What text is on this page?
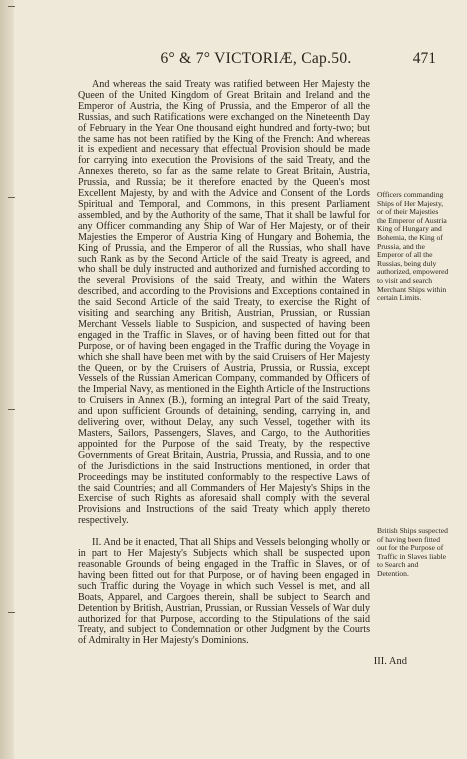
6° & 7° VICTORIÆ, Cap.50.	471

And whereas the said Treaty was ratified between Her Majesty the Queen of the United Kingdom of Great Britain and Ireland and the Emperor of Austria, the King of Prussia, and the Emperor of all the Russias, and such Ratifications were exchanged on the Nineteenth Day of February in the Year One thousand eight hundred and forty-two; but the same has not been ratified by the King of the French: And whereas it is expedient and necessary that effectual Provision should be made for carrying into execution the Provisions of the said Treaty, and the Annexes thereto, so far as the same relate to Great Britain, Austria, Prussia, and Russia; be it therefore enacted by the Queen's most Excellent Majesty, by and with the Advice and Consent of the Lords Spiritual and Temporal, and Commons, in this present Parliament assembled, and by the Authority of the same, That it shall be lawful for any Officer commanding any Ship of War of Her Majesty, or of their Majesties the Emperor of Austria King of Hungary and Bohemia, the King of Prussia, and the Emperor of all the Russias, who shall have such Rank as by the Second Article of the said Treaty is agreed, and who shall be duly instructed and authorized and furnished according to the several Provisions of the said Treaty, and within the Waters described, and according to the Provisions and Exceptions contained in the said Second Article of the said Treaty, to exercise the Right of visiting and searching any British, Austrian, Prussian, or Russian Merchant Vessels liable to Suspicion, and suspected of having been engaged in the Traffic in Slaves, or of having been fitted out for that Purpose, or of having been engaged in the Traffic during the Voyage in which she shall have been met with by the said Cruisers of Her Majesty the Queen, or by the Cruisers of Austria, Prussia, or Russia, except Vessels of the Russian American Company, commanded by Officers of the Imperial Navy, as mentioned in the Eighth Article of the Instructions to Cruisers in Annex (B.), forming an integral Part of the said Treaty, and upon sufficient Grounds of detaining, sending, carrying in, and delivering over, without Delay, any such Vessel, together with its Masters, Sailors, Passengers, Slaves, and Cargo, to the Authorities appointed for the Purpose of the said Treaty, by the respective Governments of Great Britain, Austria, Prussia, and Russia, and to one of the Jurisdictions in the said Instructions mentioned, in order that Proceedings may be instituted conformably to the respective Laws of the said Countries; and all Commanders of Her Majesty's Ships in the Exercise of such Rights as aforesaid shall comply with the several Provisions and Instructions of the said Treaty which apply thereto respectively.

II. And be it enacted, That all Ships and Vessels belonging wholly or in part to Her Majesty's Subjects which shall be suspected upon reasonable Grounds of being engaged in the Traffic in Slaves, or of having been fitted out for that Purpose, or of having been engaged in such Traffic during the Voyage in which such Vessel is met, and all Boats, Apparel, and Cargoes therein, shall be subject to Search and Detention by British, Austrian, Prussian, or Russian Vessels of War duly authorized for that Purpose, according to the Stipulations of the said Treaty, and subject to Condemnation or other Judgment by the Courts of Admiralty in Her Majesty's Dominions.

Officers commanding Ships of Her Majesty, or of their Majesties the Emperor of Austria King of Hungary and Bohemia, the King of Prussia, and the Emperor of all the Russias, being duly authorized, empowered to visit and search Merchant Ships within certain Limits.
British Ships suspected of having been fitted out for the Purpose of Traffic in Slaves liable to Search and Detention.
III. And
